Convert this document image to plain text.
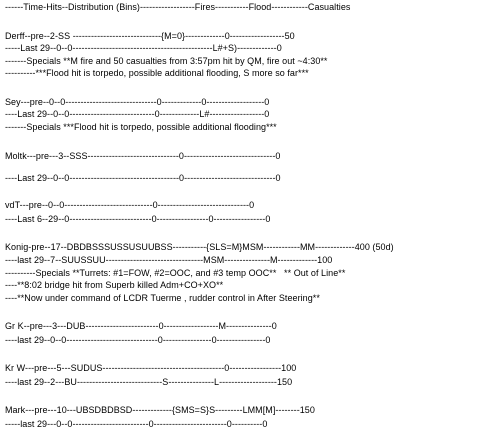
------Time-Hits--Distribution (Bins)------------------Fires-----------Flood------------Casualties
Derff--pre--2-SS -----------------------------{M=0}-------------0------------------50
-----Last 29--0--0----------------------------------------------L#+S)-------------0
-------Specials **M fire and 50 casualties from 3:57pm hit by QM, fire out ~4:30**
----------***Flood hit is torpedo, possible additional flooding, S more so far***
Sey---pre--0--0------------------------------0-------------0-------------------0
----Last 29--0--0----------------------------0-------------L#------------------0
-------Specials ***Flood hit is torpedo, possible additional flooding***
Moltk---pre---3--SSS------------------------------0------------------------------0
----Last 29--0--0------------------------------------0------------------------------0
vdT---pre--0--0-----------------------------0------------------------------0
----Last 6--29--0---------------------------0-----------------0-----------------0
Konig-pre--17--DBDBSSSUSSUSUUBSS-----------{SLS=M}MSM------------MM-------------400 (50d)
----last 29--7--SUUSSUU--------------------------------MSM---------------M-------------100
----------Specials **Turrets: #1=FOW, #2=OOC, and #3 temp OOC**   ** Out of Line**
----**8:02 bridge hit from Superb killed Adm+CO+XO**
----**Now under command of LCDR Tuerme , rudder control in After Steering**
Gr K--pre---3---DUB------------------------0------------------M---------------0
----last 29--0--0------------------------------0----------------0----------------0
Kr W---pre---5---SUDUS----------------------------------------0-----------------100
----last 29--2---BU----------------------------S---------------L-------------------150
Mark---pre---10---UBSDBDBSD-------------{SMS=S}S---------LMM[M]--------150
-----last 29---0--0-------------------------0------------------------0----------0
